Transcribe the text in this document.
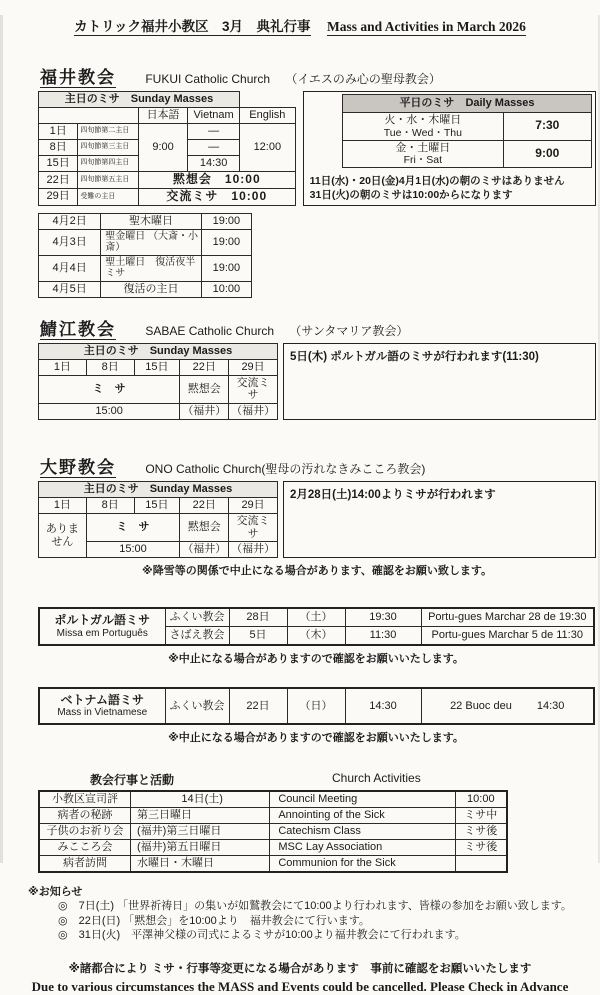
カトリック福井小教区　3月　典礼行事 Mass and Activities in March 2026
福井教会 FUKUI Catholic Church （イエスのみ心の聖母教会）
主日のミサ　 Sunday Masses				
		日本語	Vietnam	English
1日	四旬節第二主日	9:00	―	12:00
8日	四旬節第三主日		―	
15日	四旬節第四主日		14:30	
22日	四旬節第五主日	黙想会　10:00		
29日	受難の主日	交流ミサ　10:00		
平日のミサ　 Daily Masses	

火・水・木曜日
Tue・Wed・Thu	7:30

金・土曜日
Fri・Sat	9:00
11日(水)・20日(金)4月1日(水)の朝のミサはありません
31日(火)の朝のミサは10:00からになります
4月2日	聖木曜日	19:00
4月3日	聖金曜日 （大斎・小斎）	19:00
4月4日	聖土曜日　復活夜半ミサ	19:00
4月5日	復活の主日	10:00
鯖江教会 SABAE Catholic Church （サンタマリア教会）
主日のミサ　 Sunday Masses				
1日	8日	15日	22日	29日
ミ　サ			黙想会	交流ミサ
15:00			（福井）	（福井）
5日(木) ポルトガル語のミサが行われます(11:30)
大野教会 ONO Catholic Church(聖母の汚れなきみこころ教会)
主日のミサ　 Sunday Masses				
1日	8日	15日	22日	29日
ありません	ミ　サ		黙想会	交流ミサ
	15:00		（福井）	（福井）
2月28日(土)14:00よりミサが行われます
※降雪等の関係で中止になる場合があります、確認をお願い致します。
ポルトガル語ミサ
Missa em Português	ふくい教会	28日	（土）	19:30	Portu-gues Marchar 28 de 19:30
	さばえ教会	5日	（木）	11:30	Portu-gues Marchar 5 de 11:30
※中止になる場合がありますので確認をお願いいたします。
ベトナム語ミサ
Mass in Vietnamese
	ふくい教会	22日	（日）	14:30	22 Buoc deu　　 14:30
※中止になる場合がありますので確認をお願いいたします。
教会行事と活動	Church Activities
小教区宣司評	14日(土)	Council Meeting	10:00
病者の秘跡	第三日曜日	Annointing of the Sick	ミサ中
子供のお祈り会	(福井)第三日曜日	Catechism Class	ミサ後
みこころ会	(福井)第五日曜日	MSC Lay Association	ミサ後
病者訪問	水曜日・木曜日	Communion for the Sick	
※お知らせ
◎　7日(土) 「世界祈祷日」の集いが如鷲教会にて10:00より行われます、皆様の参加をお願い致します。
◎　22日(日) 「黙想会」を10:00より　福井教会にて行います。
◎　31日(火)　平澤神父様の司式によるミサが10:00より福井教会にて行われます。
※諸都合により ミサ・行事等変更になる場合があります　事前に確認をお願いいたします
Due to various circumstances the MASS and Events could be cancelled. Please Check in Advance
